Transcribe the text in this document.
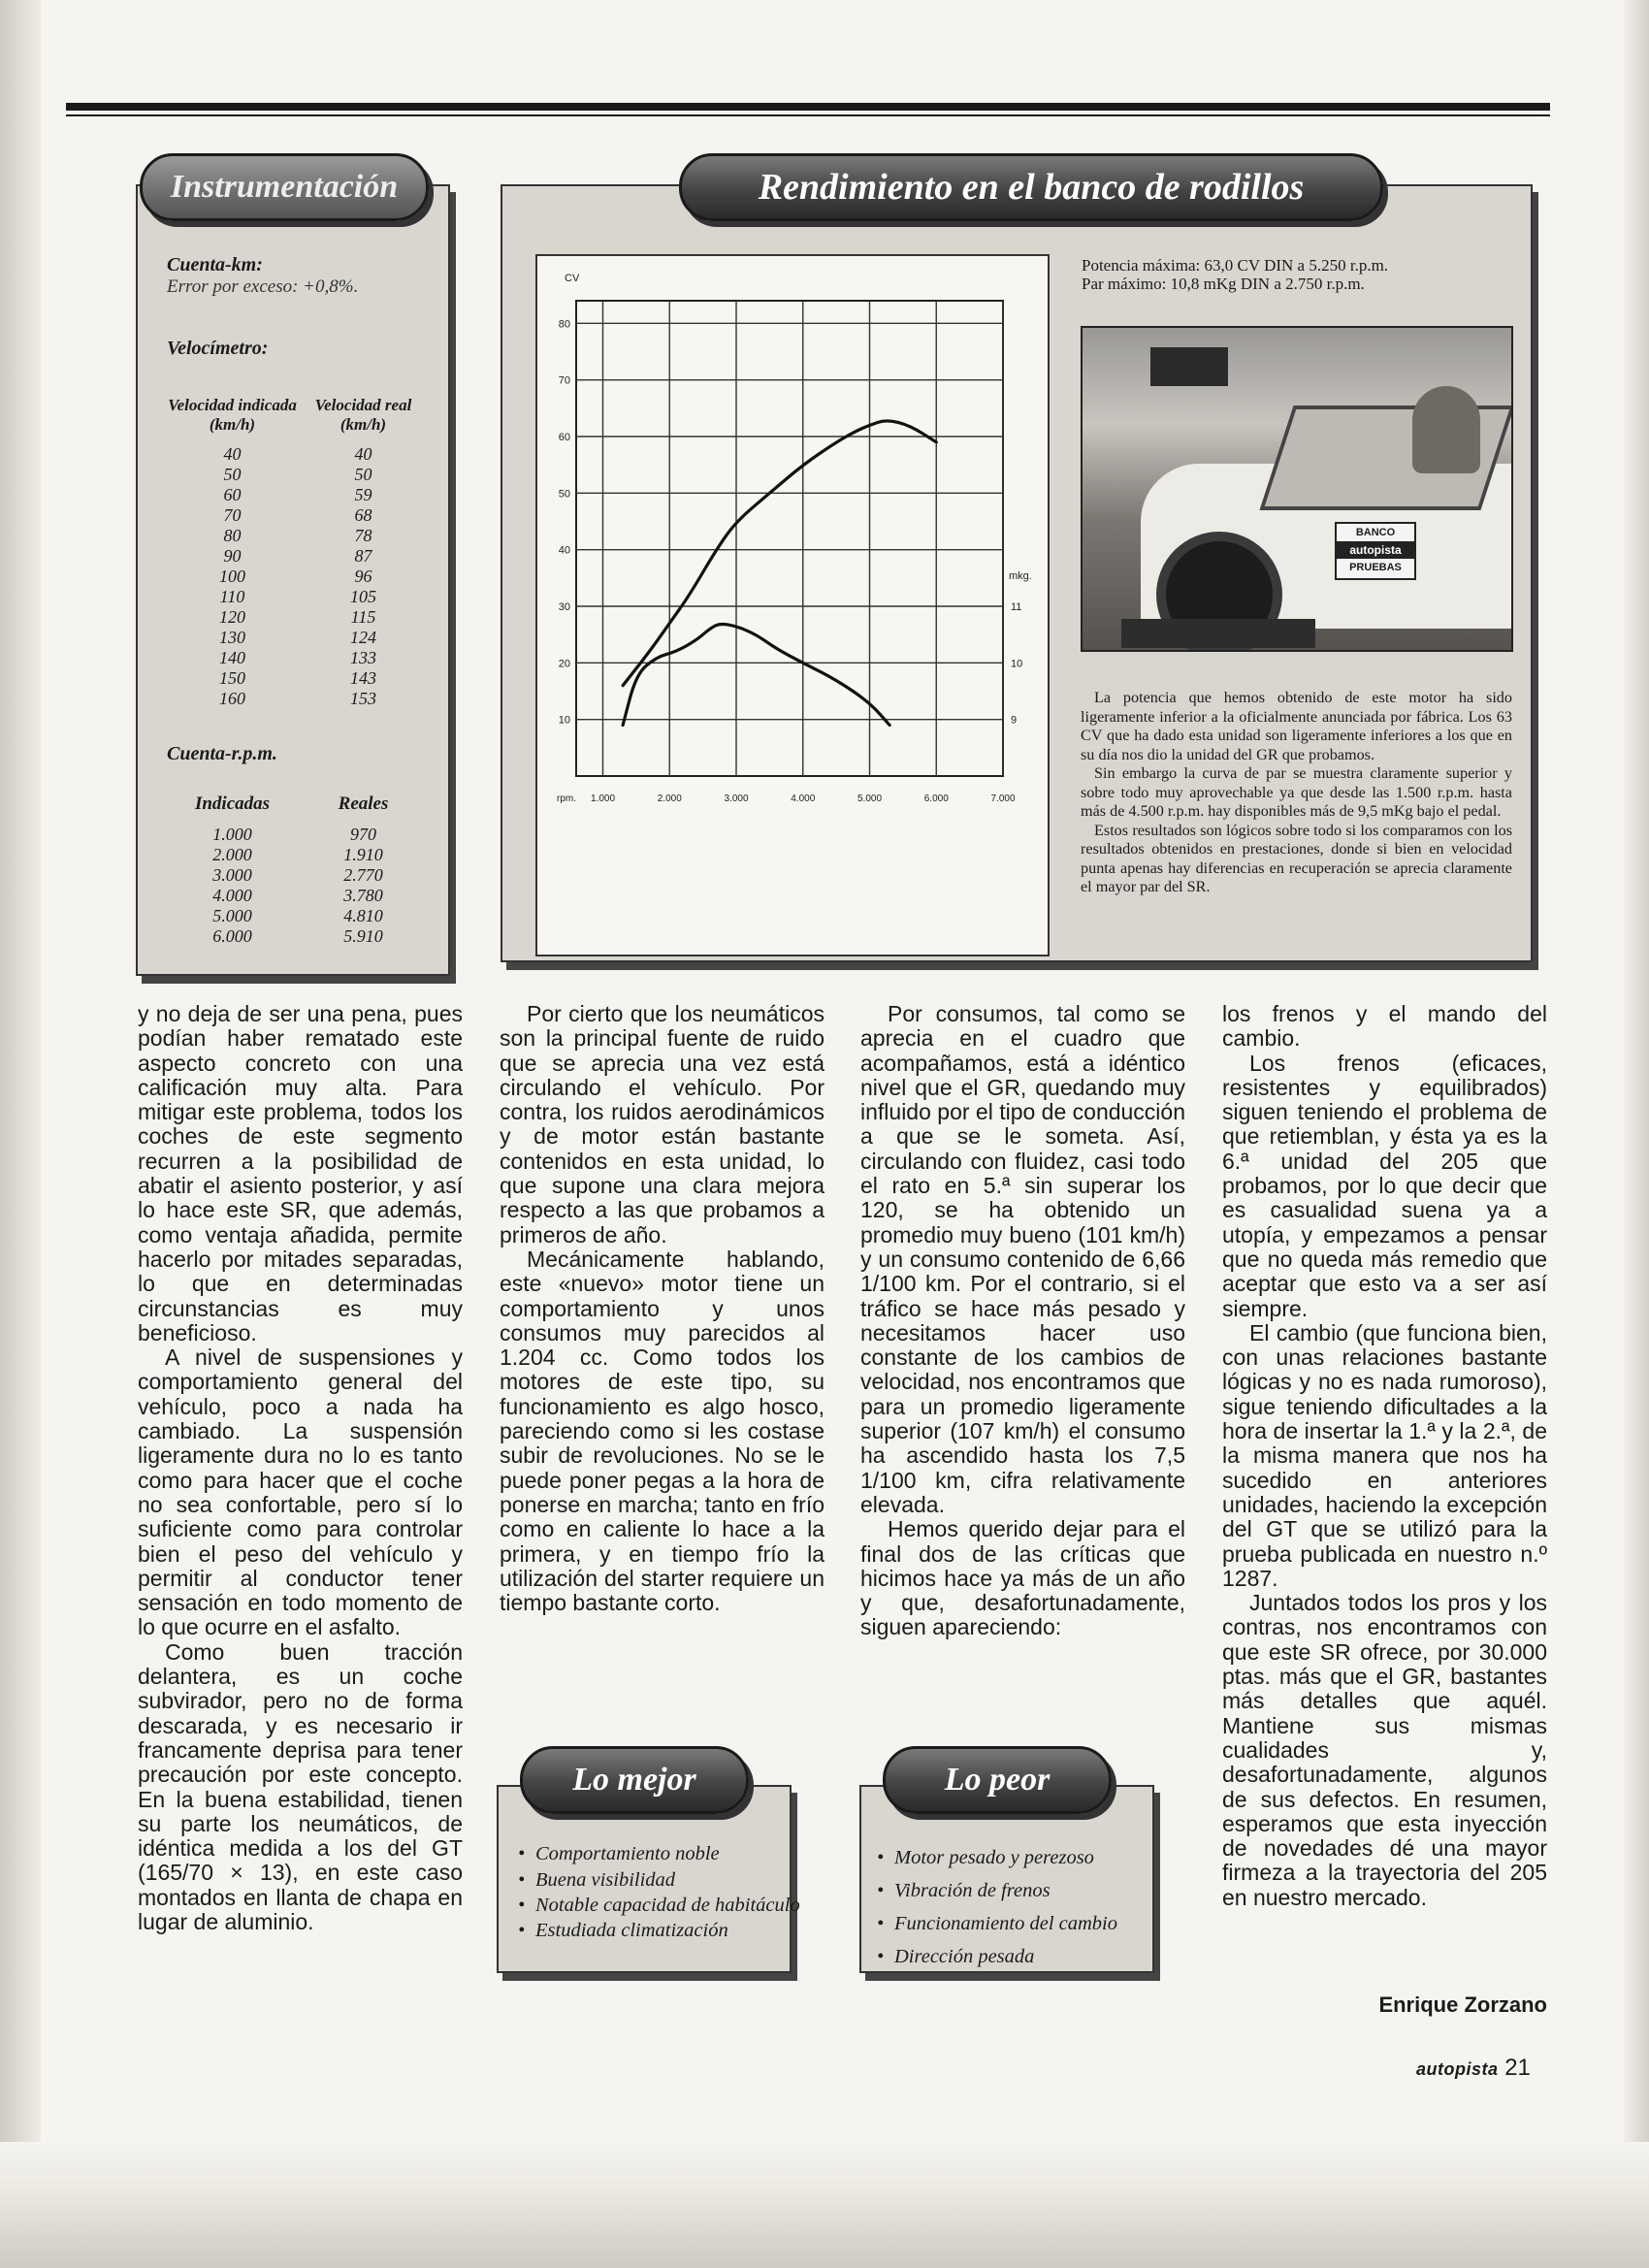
Instrumentación
Cuenta-km:
Error por exceso: +0,8%.
Velocímetro:
Velocidad indicada (km/h)
Velocidad real (km/h)
40	40
50	50
60	59
70	68
80	78
90	87
100	96
110	105
120	115
130	124
140	133
150	143
160	153
Cuenta-r.p.m.
Indicadas	Reales
1.000	970
2.000	1.910
3.000	2.770
4.000	3.780
5.000	4.810
6.000	5.910
Rendimiento en el banco de rodillos
10
20
30
40
50
60
70
80
CV
9
10
11
mkg.
1.000	2.000	3.000	4.000	5.000	6.000	7.000
rpm.
Potencia máxima: 63,0 CV DIN a 5.250 r.p.m.
Par máximo: 10,8 mKg DIN a 2.750 r.p.m.
BANCO
autopista
PRUEBAS

La potencia que hemos obtenido de este motor ha sido ligeramente inferior a la oficialmente anunciada por fábrica. Los 63 CV que ha dado esta unidad son ligeramente inferiores a los que en su día nos dio la unidad del GR que probamos.

Sin embargo la curva de par se muestra claramente superior y sobre todo muy aprovechable ya que desde las 1.500 r.p.m. hasta más de 4.500 r.p.m. hay disponibles más de 9,5 mKg bajo el pedal.

Estos resultados son lógicos sobre todo si los comparamos con los resultados obtenidos en prestaciones, donde si bien en velocidad punta apenas hay diferencias en recuperación se aprecia claramente el mayor par del SR.

y no deja de ser una pena, pues podían haber rematado este aspecto concreto con una calificación muy alta. Para mitigar este problema, todos los coches de este segmento recurren a la posibilidad de abatir el asiento posterior, y así lo hace este SR, que además, como ventaja añadida, permite hacerlo por mitades separadas, lo que en determinadas circunstancias es muy beneficioso.

A nivel de suspensiones y comportamiento general del vehículo, poco a nada ha cambiado. La suspensión ligeramente dura no lo es tanto como para hacer que el coche no sea confortable, pero sí lo suficiente como para controlar bien el peso del vehículo y permitir al conductor tener sensación en todo momento de lo que ocurre en el asfalto.

Como buen tracción delantera, es un coche subvirador, pero no de forma descarada, y es necesario ir francamente deprisa para tener precaución por este concepto. En la buena estabilidad, tienen su parte los neumáticos, de idéntica medida a los del GT (165/70 × 13), en este caso montados en llanta de chapa en lugar de aluminio.

Por cierto que los neumáticos son la principal fuente de ruido que se aprecia una vez está circulando el vehículo. Por contra, los ruidos aerodinámicos y de motor están bastante contenidos en esta unidad, lo que supone una clara mejora respecto a las que probamos a primeros de año.

Mecánicamente hablando, este «nuevo» motor tiene un comportamiento y unos consumos muy parecidos al 1.204 cc. Como todos los motores de este tipo, su funcionamiento es algo hosco, pareciendo como si les costase subir de revoluciones. No se le puede poner pegas a la hora de ponerse en marcha; tanto en frío como en caliente lo hace a la primera, y en tiempo frío la utilización del starter requiere un tiempo bastante corto.

Por consumos, tal como se aprecia en el cuadro que acompañamos, está a idéntico nivel que el GR, quedando muy influido por el tipo de conducción a que se le someta. Así, circulando con fluidez, casi todo el rato en 5.ª sin superar los 120, se ha obtenido un promedio muy bueno (101 km/h) y un consumo contenido de 6,66 1/100 km. Por el contrario, si el tráfico se hace más pesado y necesitamos hacer uso constante de los cambios de velocidad, nos encontramos que para un promedio ligeramente superior (107 km/h) el consumo ha ascendido hasta los 7,5 1/100 km, cifra relativamente elevada.

Hemos querido dejar para el final dos de las críticas que hicimos hace ya más de un año y que, desafortunadamente, siguen apareciendo:

los frenos y el mando del cambio.

Los frenos (eficaces, resistentes y equilibrados) siguen teniendo el problema de que retiemblan, y ésta ya es la 6.ª unidad del 205 que probamos, por lo que decir que es casualidad suena ya a utopía, y empezamos a pensar que no queda más remedio que aceptar que esto va a ser así siempre.

El cambio (que funciona bien, con unas relaciones bastante lógicas y no es nada rumoroso), sigue teniendo dificultades a la hora de insertar la 1.ª y la 2.ª, de la misma manera que nos ha sucedido en anteriores unidades, haciendo la excepción del GT que se utilizó para la prueba publicada en nuestro n.º 1287.

Juntados todos los pros y los contras, nos encontramos con que este SR ofrece, por 30.000 ptas. más que el GR, bastantes más detalles que aquél. Mantiene sus mismas cualidades y, desafortunadamente, algunos de sus defectos. En resumen, esperamos que esta inyección de novedades dé una mayor firmeza a la trayectoria del 205 en nuestro mercado.

Enrique Zorzano
Lo mejor
• Comportamiento noble
• Buena visibilidad
• Notable capacidad de habitáculo
• Estudiada climatización
Lo peor
• Motor pesado y perezoso
• Vibración de frenos
• Funcionamiento del cambio
• Dirección pesada
autopista 21
